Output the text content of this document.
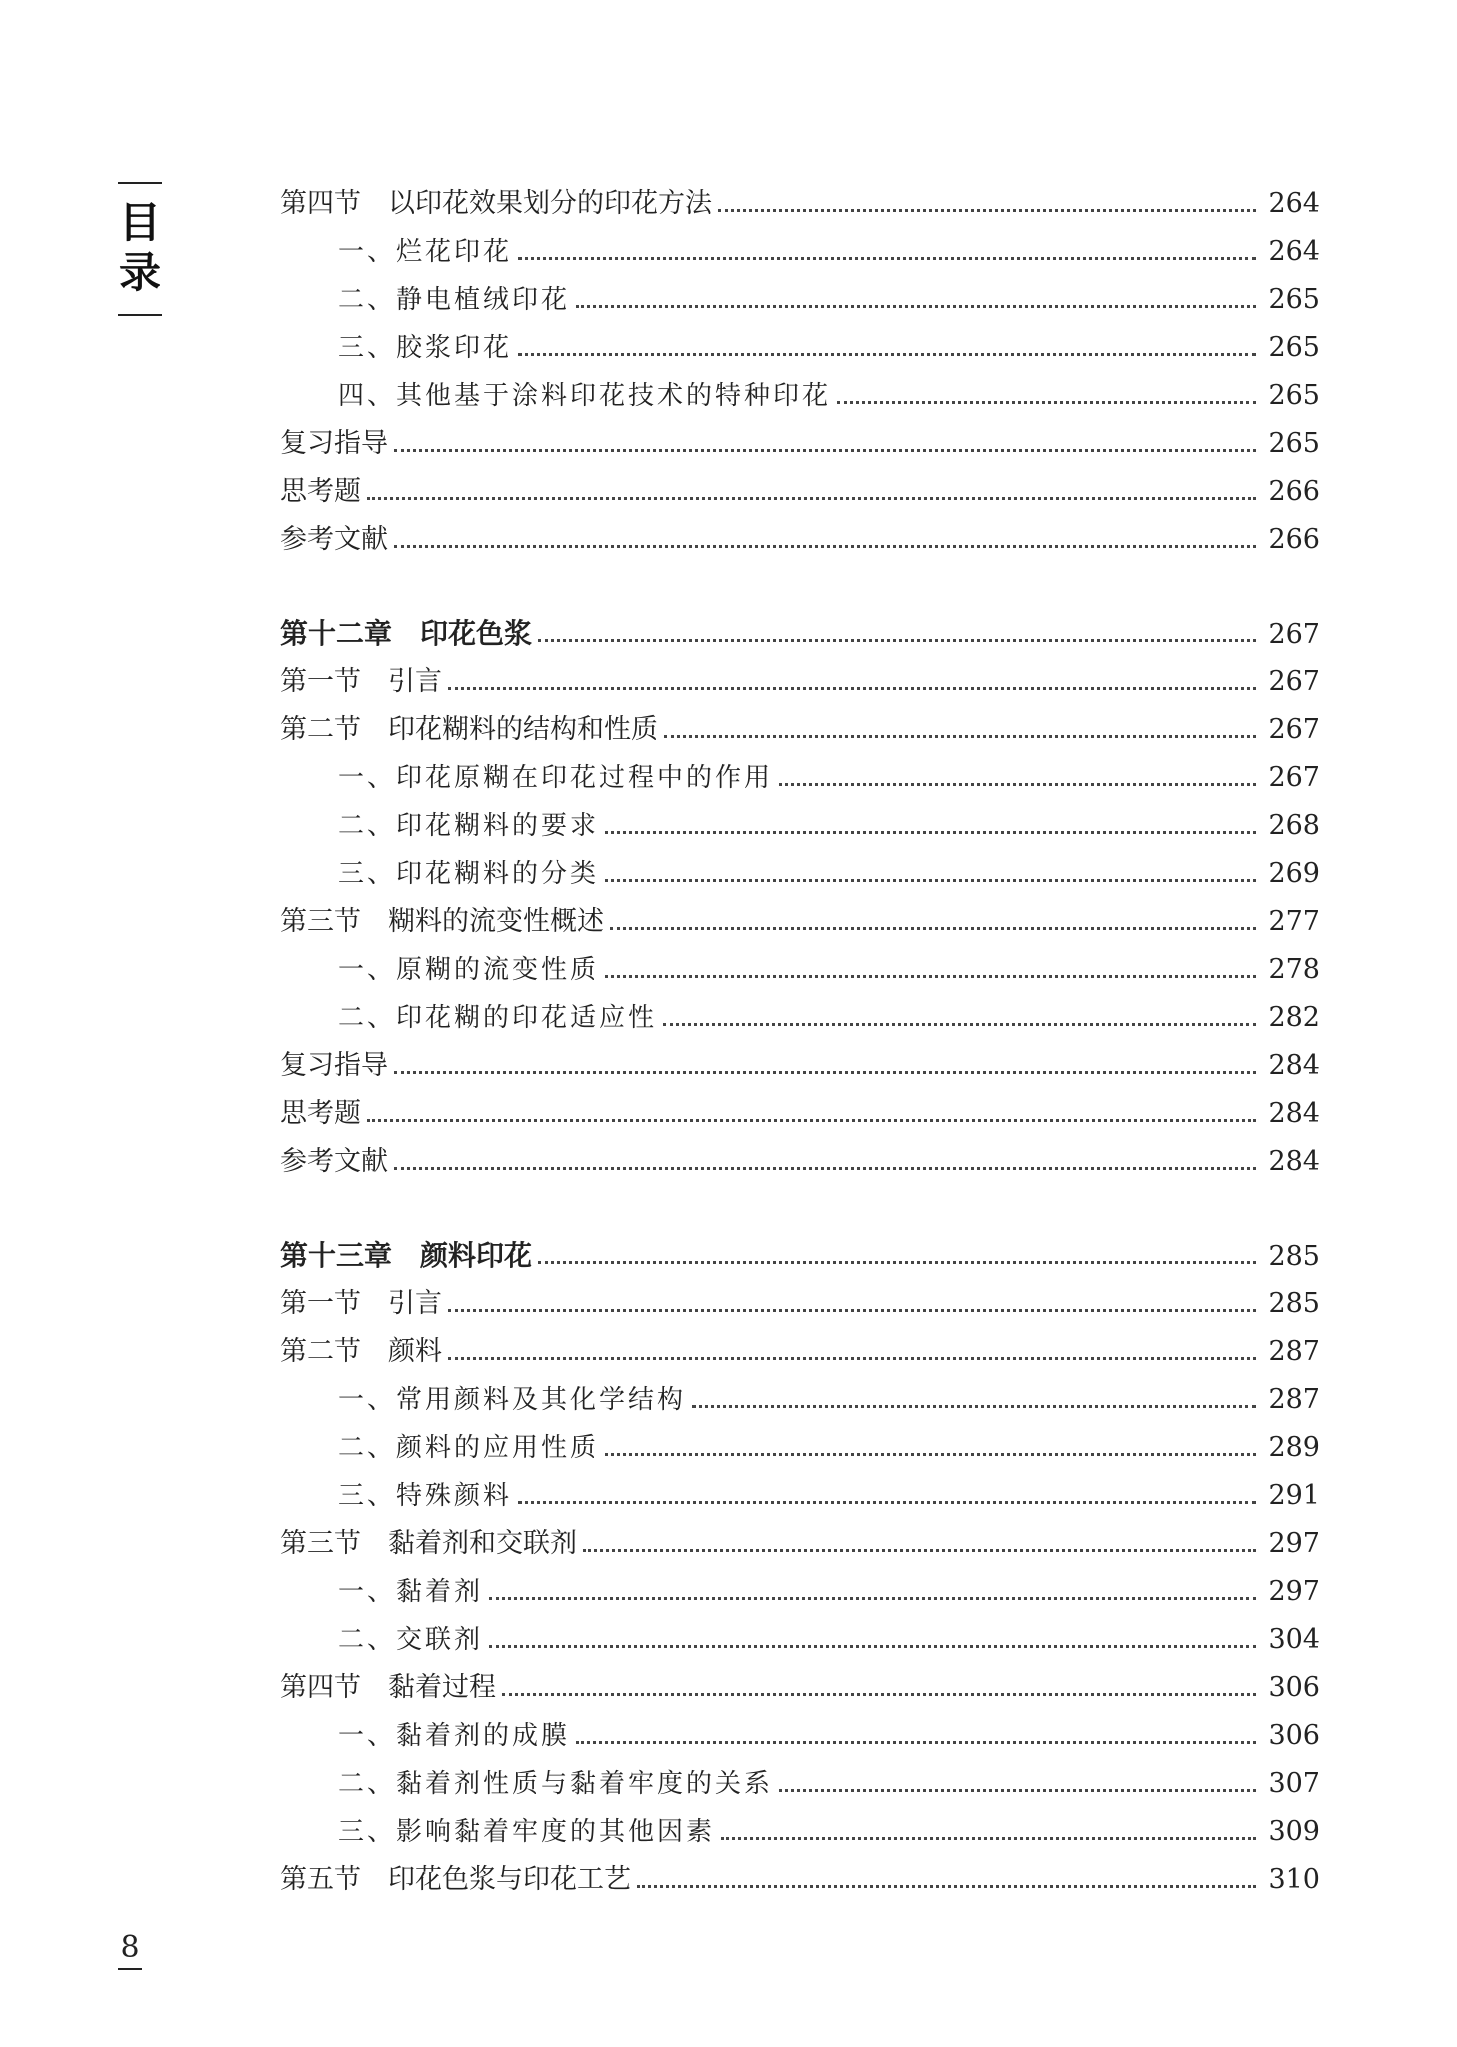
目
录
第四节　以印花效果划分的印花方法	264
一、烂花印花	264
二、静电植绒印花	265
三、胶浆印花	265
四、其他基于涂料印花技术的特种印花	265
复习指导	265
思考题	266
参考文献	266
第十二章　印花色浆	267
第一节　引言	267
第二节　印花糊料的结构和性质	267
一、印花原糊在印花过程中的作用	267
二、印花糊料的要求	268
三、印花糊料的分类	269
第三节　糊料的流变性概述	277
一、原糊的流变性质	278
二、印花糊的印花适应性	282
复习指导	284
思考题	284
参考文献	284
第十三章　颜料印花	285
第一节　引言	285
第二节　颜料	287
一、常用颜料及其化学结构	287
二、颜料的应用性质	289
三、特殊颜料	291
第三节　黏着剂和交联剂	297
一、黏着剂	297
二、交联剂	304
第四节　黏着过程	306
一、黏着剂的成膜	306
二、黏着剂性质与黏着牢度的关系	307
三、影响黏着牢度的其他因素	309
第五节　印花色浆与印花工艺	310
8
